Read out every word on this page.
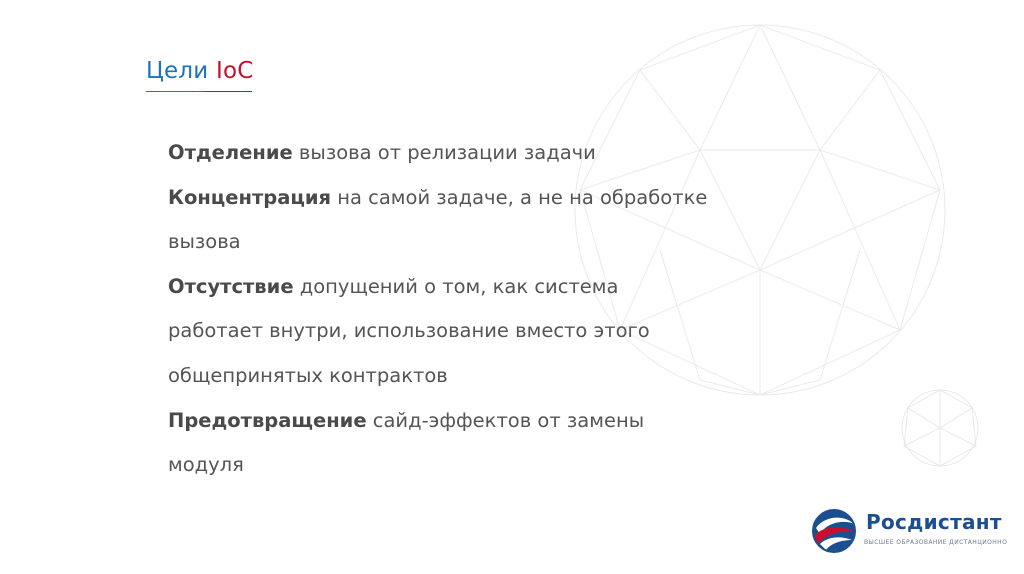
Цели IoC
Отделение вызова от релизации задачи
Концентрация на самой задаче, а не на обработке вызова
Отсутствие допущений о том, как система работает внутри, использование вместо этого общепринятых контрактов
Предотвращение сайд-эффектов от замены модуля
Росдистант
ВЫСШЕЕ ОБРАЗОВАНИЕ ДИСТАНЦИОННО
